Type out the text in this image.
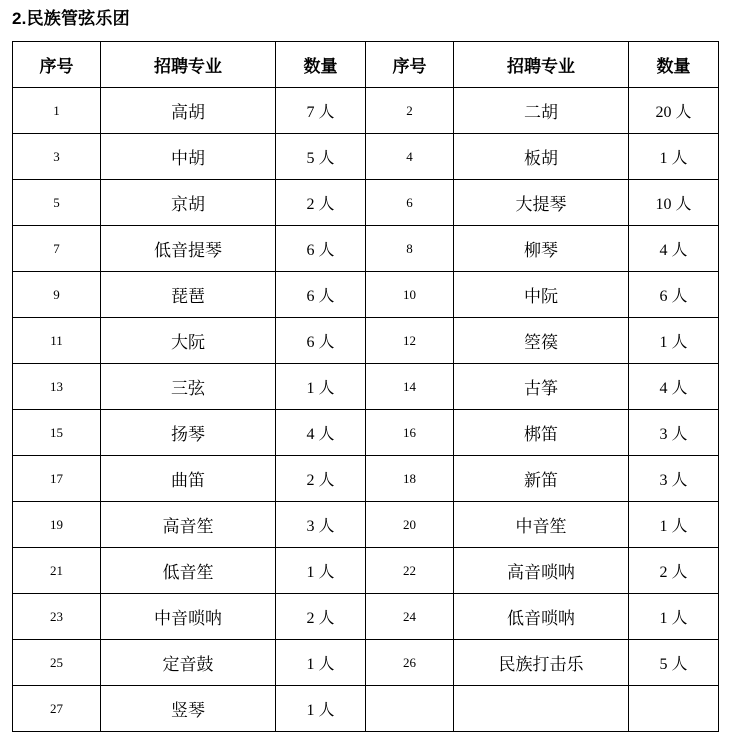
2.民族管弦乐团
序号	招聘专业	数量	序号	招聘专业	数量
1	高胡	7 人	2	二胡	20 人
3	中胡	5 人	4	板胡	1 人
5	京胡	2 人	6	大提琴	10 人
7	低音提琴	6 人	8	柳琴	4 人
9	琵琶	6 人	10	中阮	6 人
11	大阮	6 人	12	箜篌	1 人
13	三弦	1 人	14	古筝	4 人
15	扬琴	4 人	16	梆笛	3 人
17	曲笛	2 人	18	新笛	3 人
19	高音笙	3 人	20	中音笙	1 人
21	低音笙	1 人	22	高音唢呐	2 人
23	中音唢呐	2 人	24	低音唢呐	1 人
25	定音鼓	1 人	26	民族打击乐	5 人
27	竖琴	1 人			
